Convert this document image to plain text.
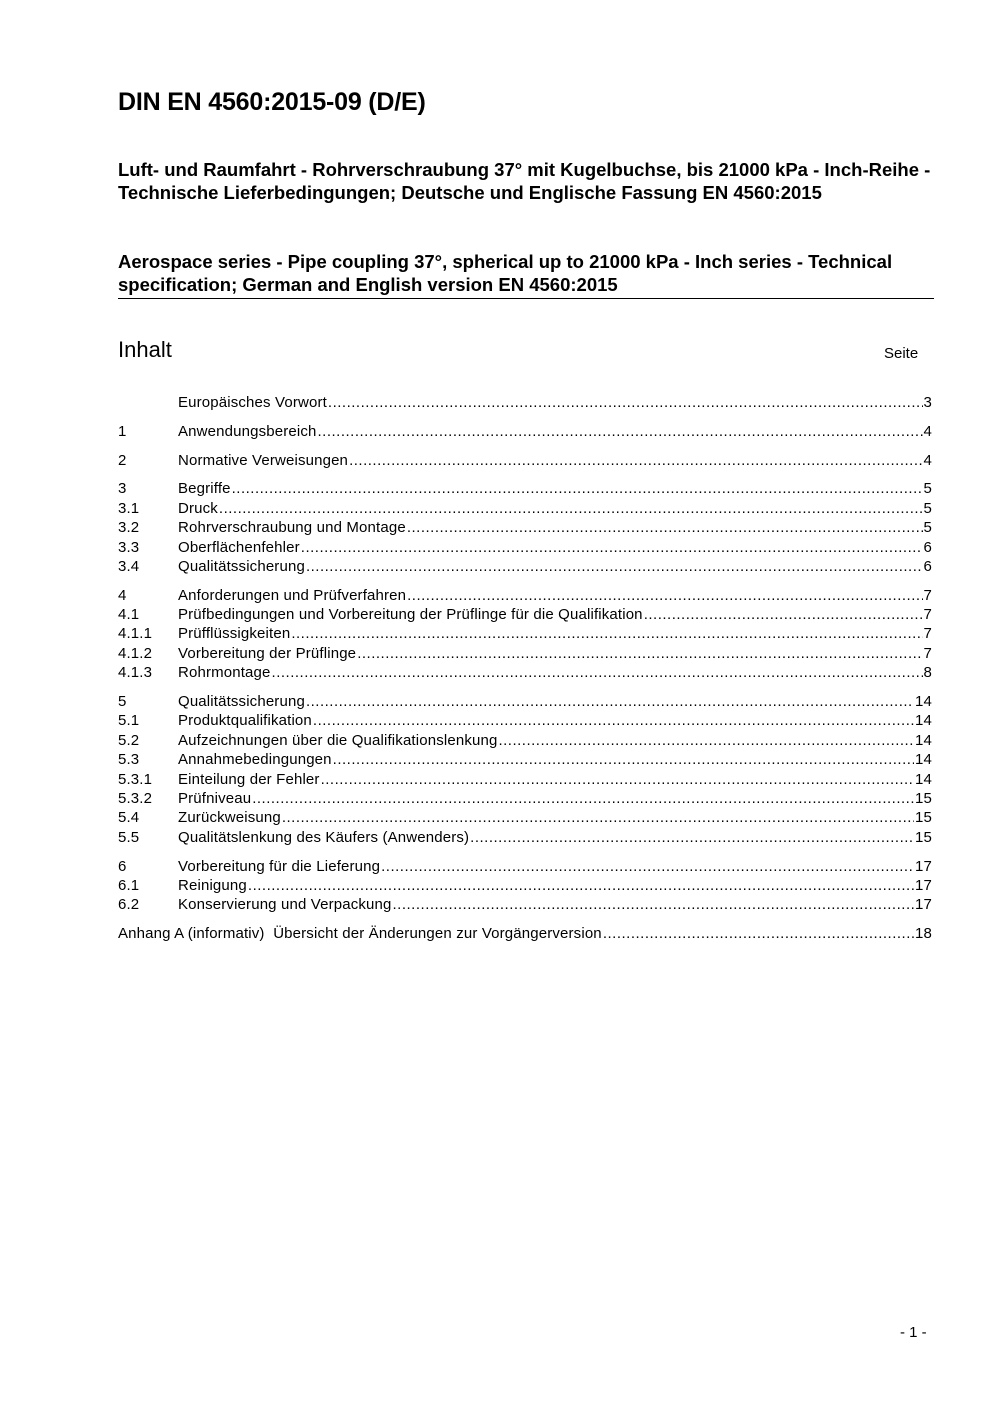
DIN EN 4560:2015-09 (D/E)

Luft- und Raumfahrt - Rohrverschraubung 37° mit Kugelbuchse, bis 21000 kPa - Inch-Reihe - Technische Lieferbedingungen; Deutsche und Englische Fassung EN 4560:2015

Aerospace series - Pipe coupling 37°, spherical up to 21000 kPa - Inch series - Technical specification; German and English version EN 4560:2015

Inhalt	Seite
Europäisches Vorwort .....	3
1	Anwendungsbereich .....	4
2	Normative Verweisungen .....	4
3	Begriffe .....	5
3.1	Druck .....	5
3.2	Rohrverschraubung und Montage .....	5
3.3	Oberflächenfehler .....	6
3.4	Qualitätssicherung .....	6
4	Anforderungen und Prüfverfahren .....	7
4.1	Prüfbedingungen und Vorbereitung der Prüflinge für die Qualifikation .....	7
4.1.1	Prüfflüssigkeiten .....	7
4.1.2	Vorbereitung der Prüflinge .....	7
4.1.3	Rohrmontage .....	8
5	Qualitätssicherung .....	14
5.1	Produktqualifikation .....	14
5.2	Aufzeichnungen über die Qualifikationslenkung .....	14
5.3	Annahmebedingungen .....	14
5.3.1	Einteilung der Fehler .....	14
5.3.2	Prüfniveau .....	15
5.4	Zurückweisung .....	15
5.5	Qualitätslenkung des Käufers (Anwenders) .....	15
6	Vorbereitung für die Lieferung .....	17
6.1	Reinigung .....	17
6.2	Konservierung und Verpackung .....	17
Anhang A (informativ)  Übersicht der Änderungen zur Vorgängerversion .....	18
- 1 -
